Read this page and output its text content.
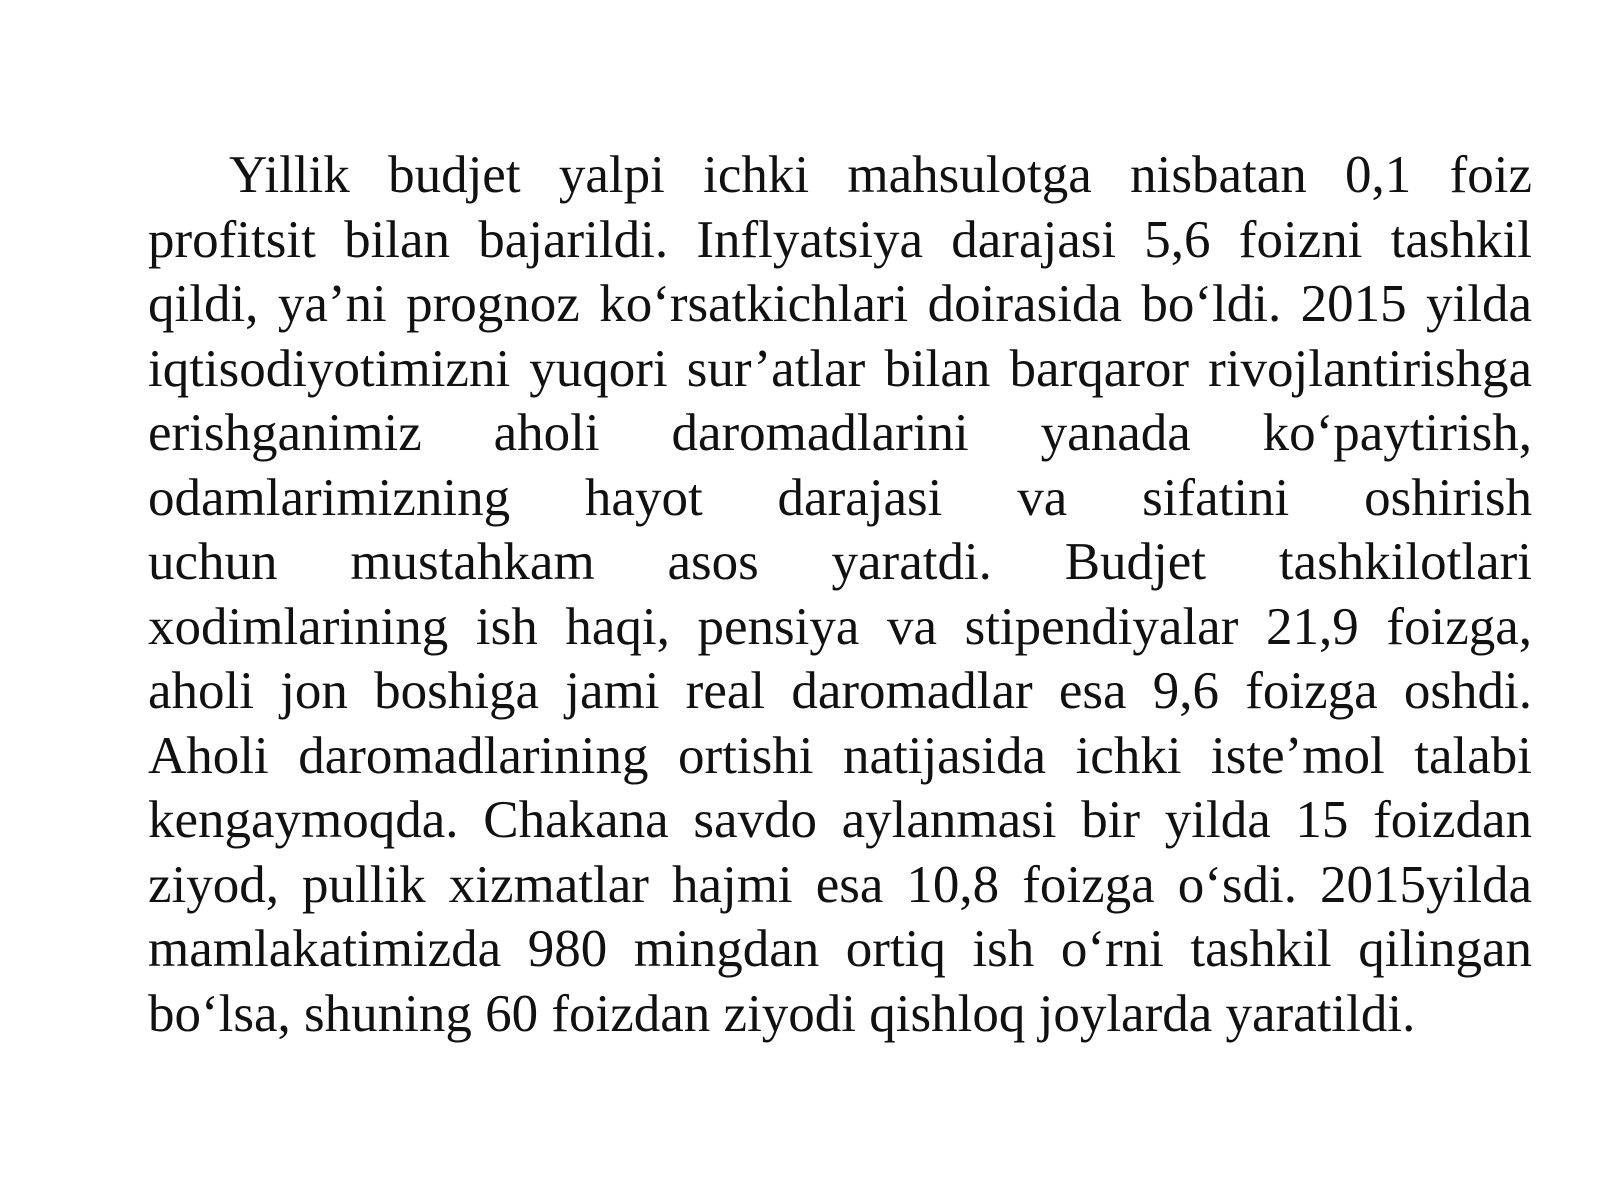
Yillik budjet yalpi ichki mahsulotga nisbatan 0,1 foiz
profitsit bilan bajarildi. Inflyatsiya darajasi 5,6 foizni tashkil
qildi, ya’ni prognoz ko‘rsatkichlari doirasida bo‘ldi. 2015 yilda
iqtisodiyotimizni yuqori sur’atlar bilan barqaror rivojlantirishga
erishganimiz aholi daromadlarini yanada ko‘paytirish,
odamlarimizning hayot darajasi va sifatini oshirish
uchun mustahkam asos yaratdi. Budjet tashkilotlari
xodimlarining ish haqi, pensiya va stipendiyalar 21,9 foizga,
aholi jon boshiga jami real daromadlar esa 9,6 foizga oshdi.
Aholi daromadlarining ortishi natijasida ichki iste’mol talabi
kengaymoqda. Chakana savdo aylanmasi bir yilda 15 foizdan
ziyod, pullik xizmatlar hajmi esa 10,8 foizga o‘sdi. 2015yilda
mamlakatimizda 980 mingdan ortiq ish o‘rni tashkil qilingan
bo‘lsa, shuning 60 foizdan ziyodi qishloq joylarda yaratildi.
